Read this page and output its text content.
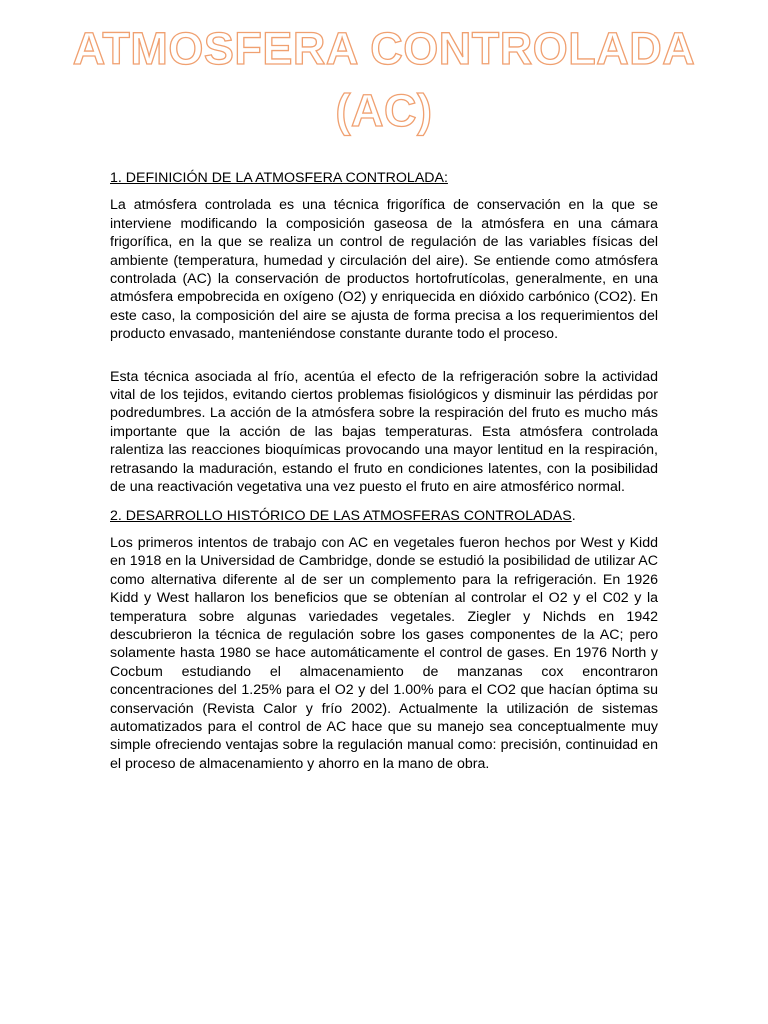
ATMOSFERA CONTROLADA
(AC)

1. DEFINICIÓN DE LA ATMOSFERA CONTROLADA:

La atmósfera controlada es una técnica frigorífica de conservación en la que se interviene modificando la composición gaseosa de la atmósfera en una cámara frigorífica, en la que se realiza un control de regulación de las variables físicas del ambiente (temperatura, humedad y circulación del aire). Se entiende como atmósfera controlada (AC) la conservación de productos hortofrutícolas, generalmente, en una atmósfera empobrecida en oxígeno (O2) y enriquecida en dióxido carbónico (CO2). En este caso, la composición del aire se ajusta de forma precisa a los requerimientos del producto envasado, manteniéndose constante durante todo el proceso.

Esta técnica asociada al frío, acentúa el efecto de la refrigeración sobre la actividad vital de los tejidos, evitando ciertos problemas fisiológicos y disminuir las pérdidas por podredumbres. La acción de la atmósfera sobre la respiración del fruto es mucho más importante que la acción de las bajas temperaturas. Esta atmósfera controlada ralentiza las reacciones bioquímicas provocando una mayor lentitud en la respiración, retrasando la maduración, estando el fruto en condiciones latentes, con la posibilidad de una reactivación vegetativa una vez puesto el fruto en aire atmosférico normal.

2. DESARROLLO HISTÓRICO DE LAS ATMOSFERAS CONTROLADAS.

Los primeros intentos de trabajo con AC en vegetales fueron hechos por West y Kidd en 1918 en la Universidad de Cambridge, donde se estudió la posibilidad de utilizar AC como alternativa diferente al de ser un complemento para la refrigeración. En 1926 Kidd y West hallaron los beneficios que se obtenían al controlar el O2 y el C02 y la temperatura sobre algunas variedades vegetales. Ziegler y Nichds en 1942 descubrieron la técnica de regulación sobre los gases componentes de la AC; pero solamente hasta 1980 se hace automáticamente el control de gases. En 1976 North y Cocbum estudiando el almacenamiento de manzanas cox encontraron concentraciones del 1.25% para el O2 y del 1.00% para el CO2 que hacían óptima su conservación (Revista Calor y frío 2002). Actualmente la utilización de sistemas automatizados para el control de AC hace que su manejo sea conceptualmente muy simple ofreciendo ventajas sobre la regulación manual como: precisión, continuidad en el proceso de almacenamiento y ahorro en la mano de obra.
